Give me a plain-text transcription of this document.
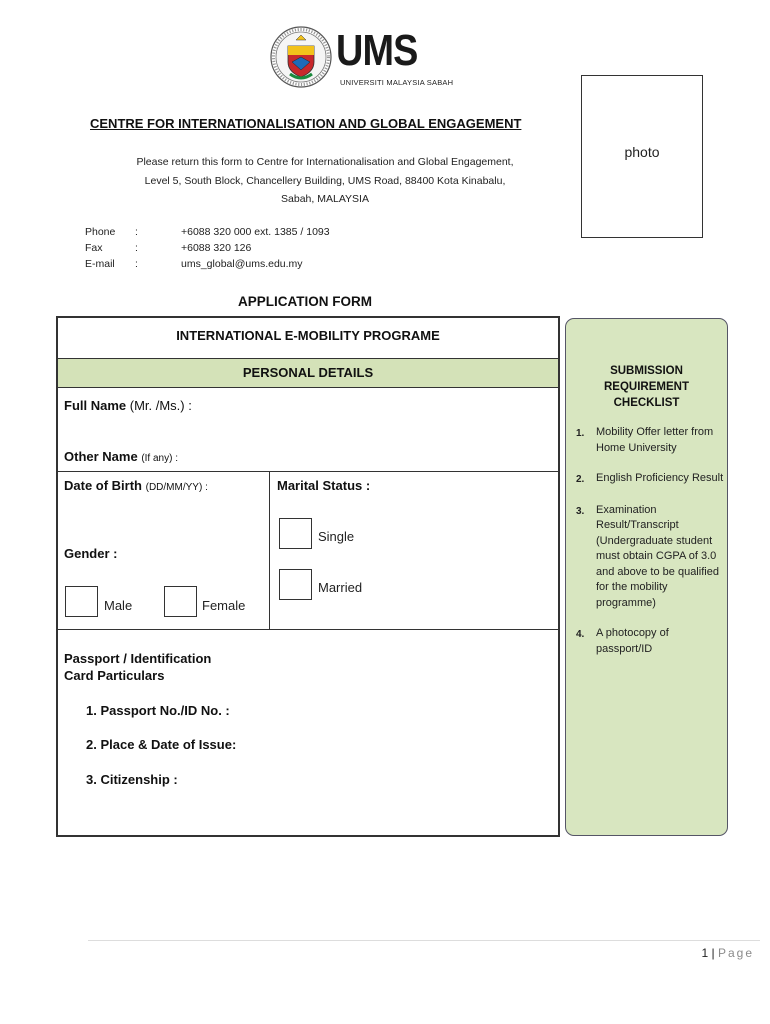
UMS
UNIVERSITI MALAYSIA SABAH
photo
CENTRE FOR INTERNATIONALISATION AND GLOBAL ENGAGEMENT
Please return this form to Centre for Internationalisation and Global Engagement,
Level 5, South Block, Chancellery Building, UMS Road, 88400 Kota Kinabalu,
Sabah, MALAYSIA
Phone	:	+6088 320 000 ext. 1385 / 1093
Fax	:	+6088 320 126
E-mail	:	ums_global@ums.edu.my
APPLICATION FORM
INTERNATIONAL E-MOBILITY PROGRAME
PERSONAL DETAILS
Full Name (Mr. /Ms.) :
Other Name (If any) :
Date of Birth (DD/MM/YY) :	Marital Status :
Single
Married
Gender :
Male	Female
Passport / Identification
Card Particulars
1. Passport No./ID No. :
2. Place & Date of Issue:
3. Citizenship :
SUBMISSION
REQUIREMENT
CHECKLIST
1.	Mobility Offer letter from Home University
2.	English Proficiency Result
3.	Examination Result/Transcript (Undergraduate student must obtain CGPA of 3.0 and above to be qualified for the mobility programme)
4.	A photocopy of passport/ID
1 | Page
